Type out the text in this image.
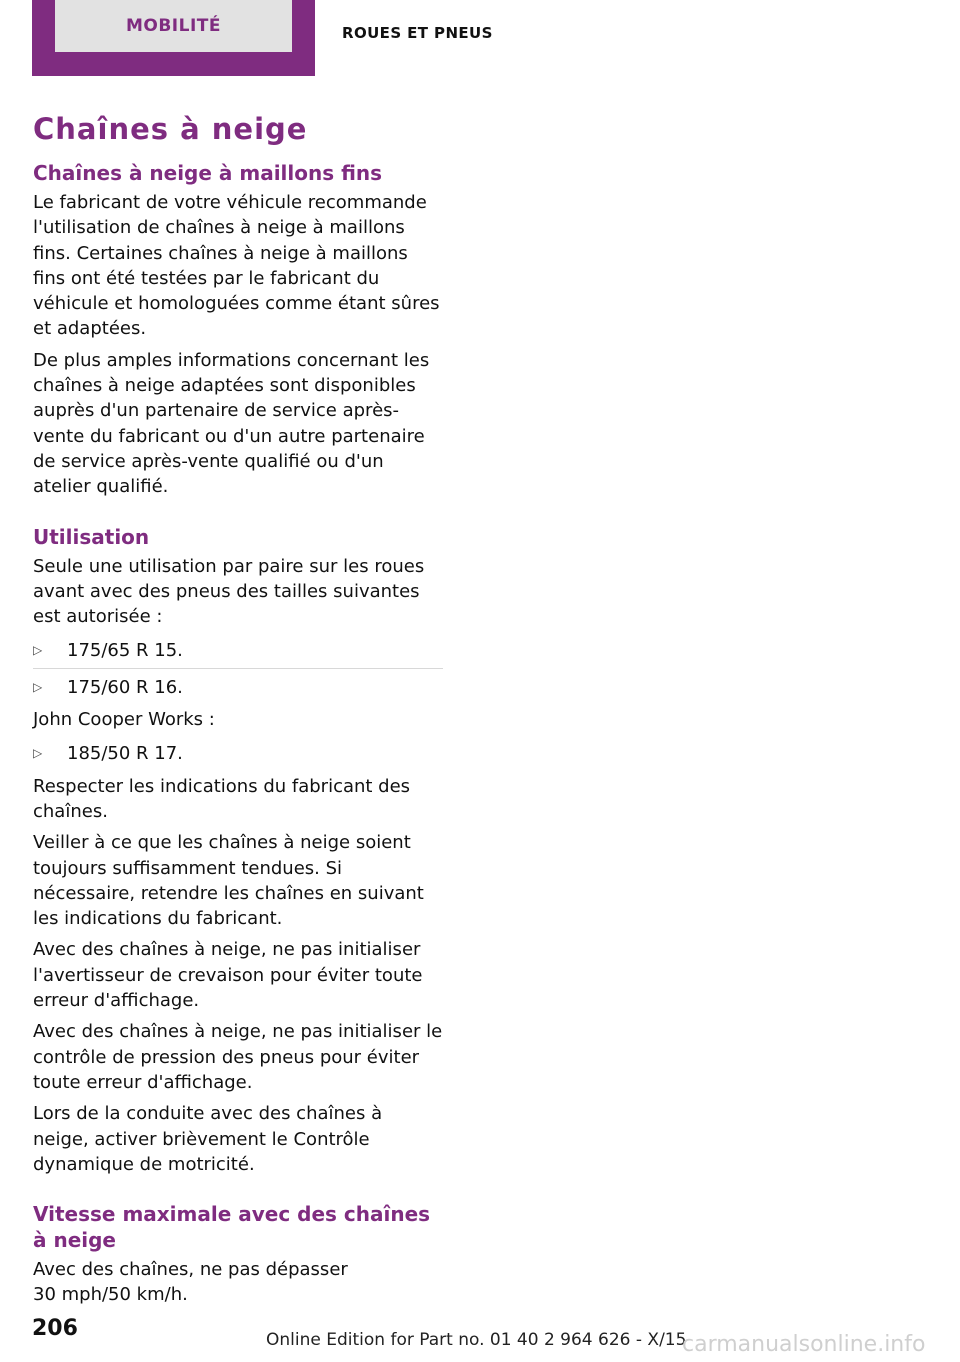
MOBILITÉ	ROUES ET PNEUS
Chaînes à neige
Chaînes à neige à maillons fins

Le fabricant de votre véhicule recommande l'utilisation de chaînes à neige à maillons fins. Certaines chaînes à neige à maillons fins ont été testées par le fabricant du véhicule et homologuées comme étant sûres et adaptées.

De plus amples informations concernant les chaînes à neige adaptées sont disponibles auprès d'un partenaire de service après-vente du fabricant ou d'un autre partenaire de service après-vente qualifié ou d'un atelier qualifié.

Utilisation

Seule une utilisation par paire sur les roues avant avec des pneus des tailles suivantes est autorisée :

▷	175/65 R 15.
▷	175/60 R 16.

John Cooper Works :

▷	185/50 R 17.

Respecter les indications du fabricant des chaînes.

Veiller à ce que les chaînes à neige soient toujours suffisamment tendues. Si nécessaire, retendre les chaînes en suivant les indications du fabricant.

Avec des chaînes à neige, ne pas initialiser l'avertisseur de crevaison pour éviter toute erreur d'affichage.

Avec des chaînes à neige, ne pas initialiser le contrôle de pression des pneus pour éviter toute erreur d'affichage.

Lors de la conduite avec des chaînes à neige, activer brièvement le Contrôle dynamique de motricité.

Vitesse maximale avec des chaînes à neige

Avec des chaînes, ne pas dépasser
30 mph/50 km/h.

206	Online Edition for Part no. 01 40 2 964 626 - X/15
carmanualsonline.info
